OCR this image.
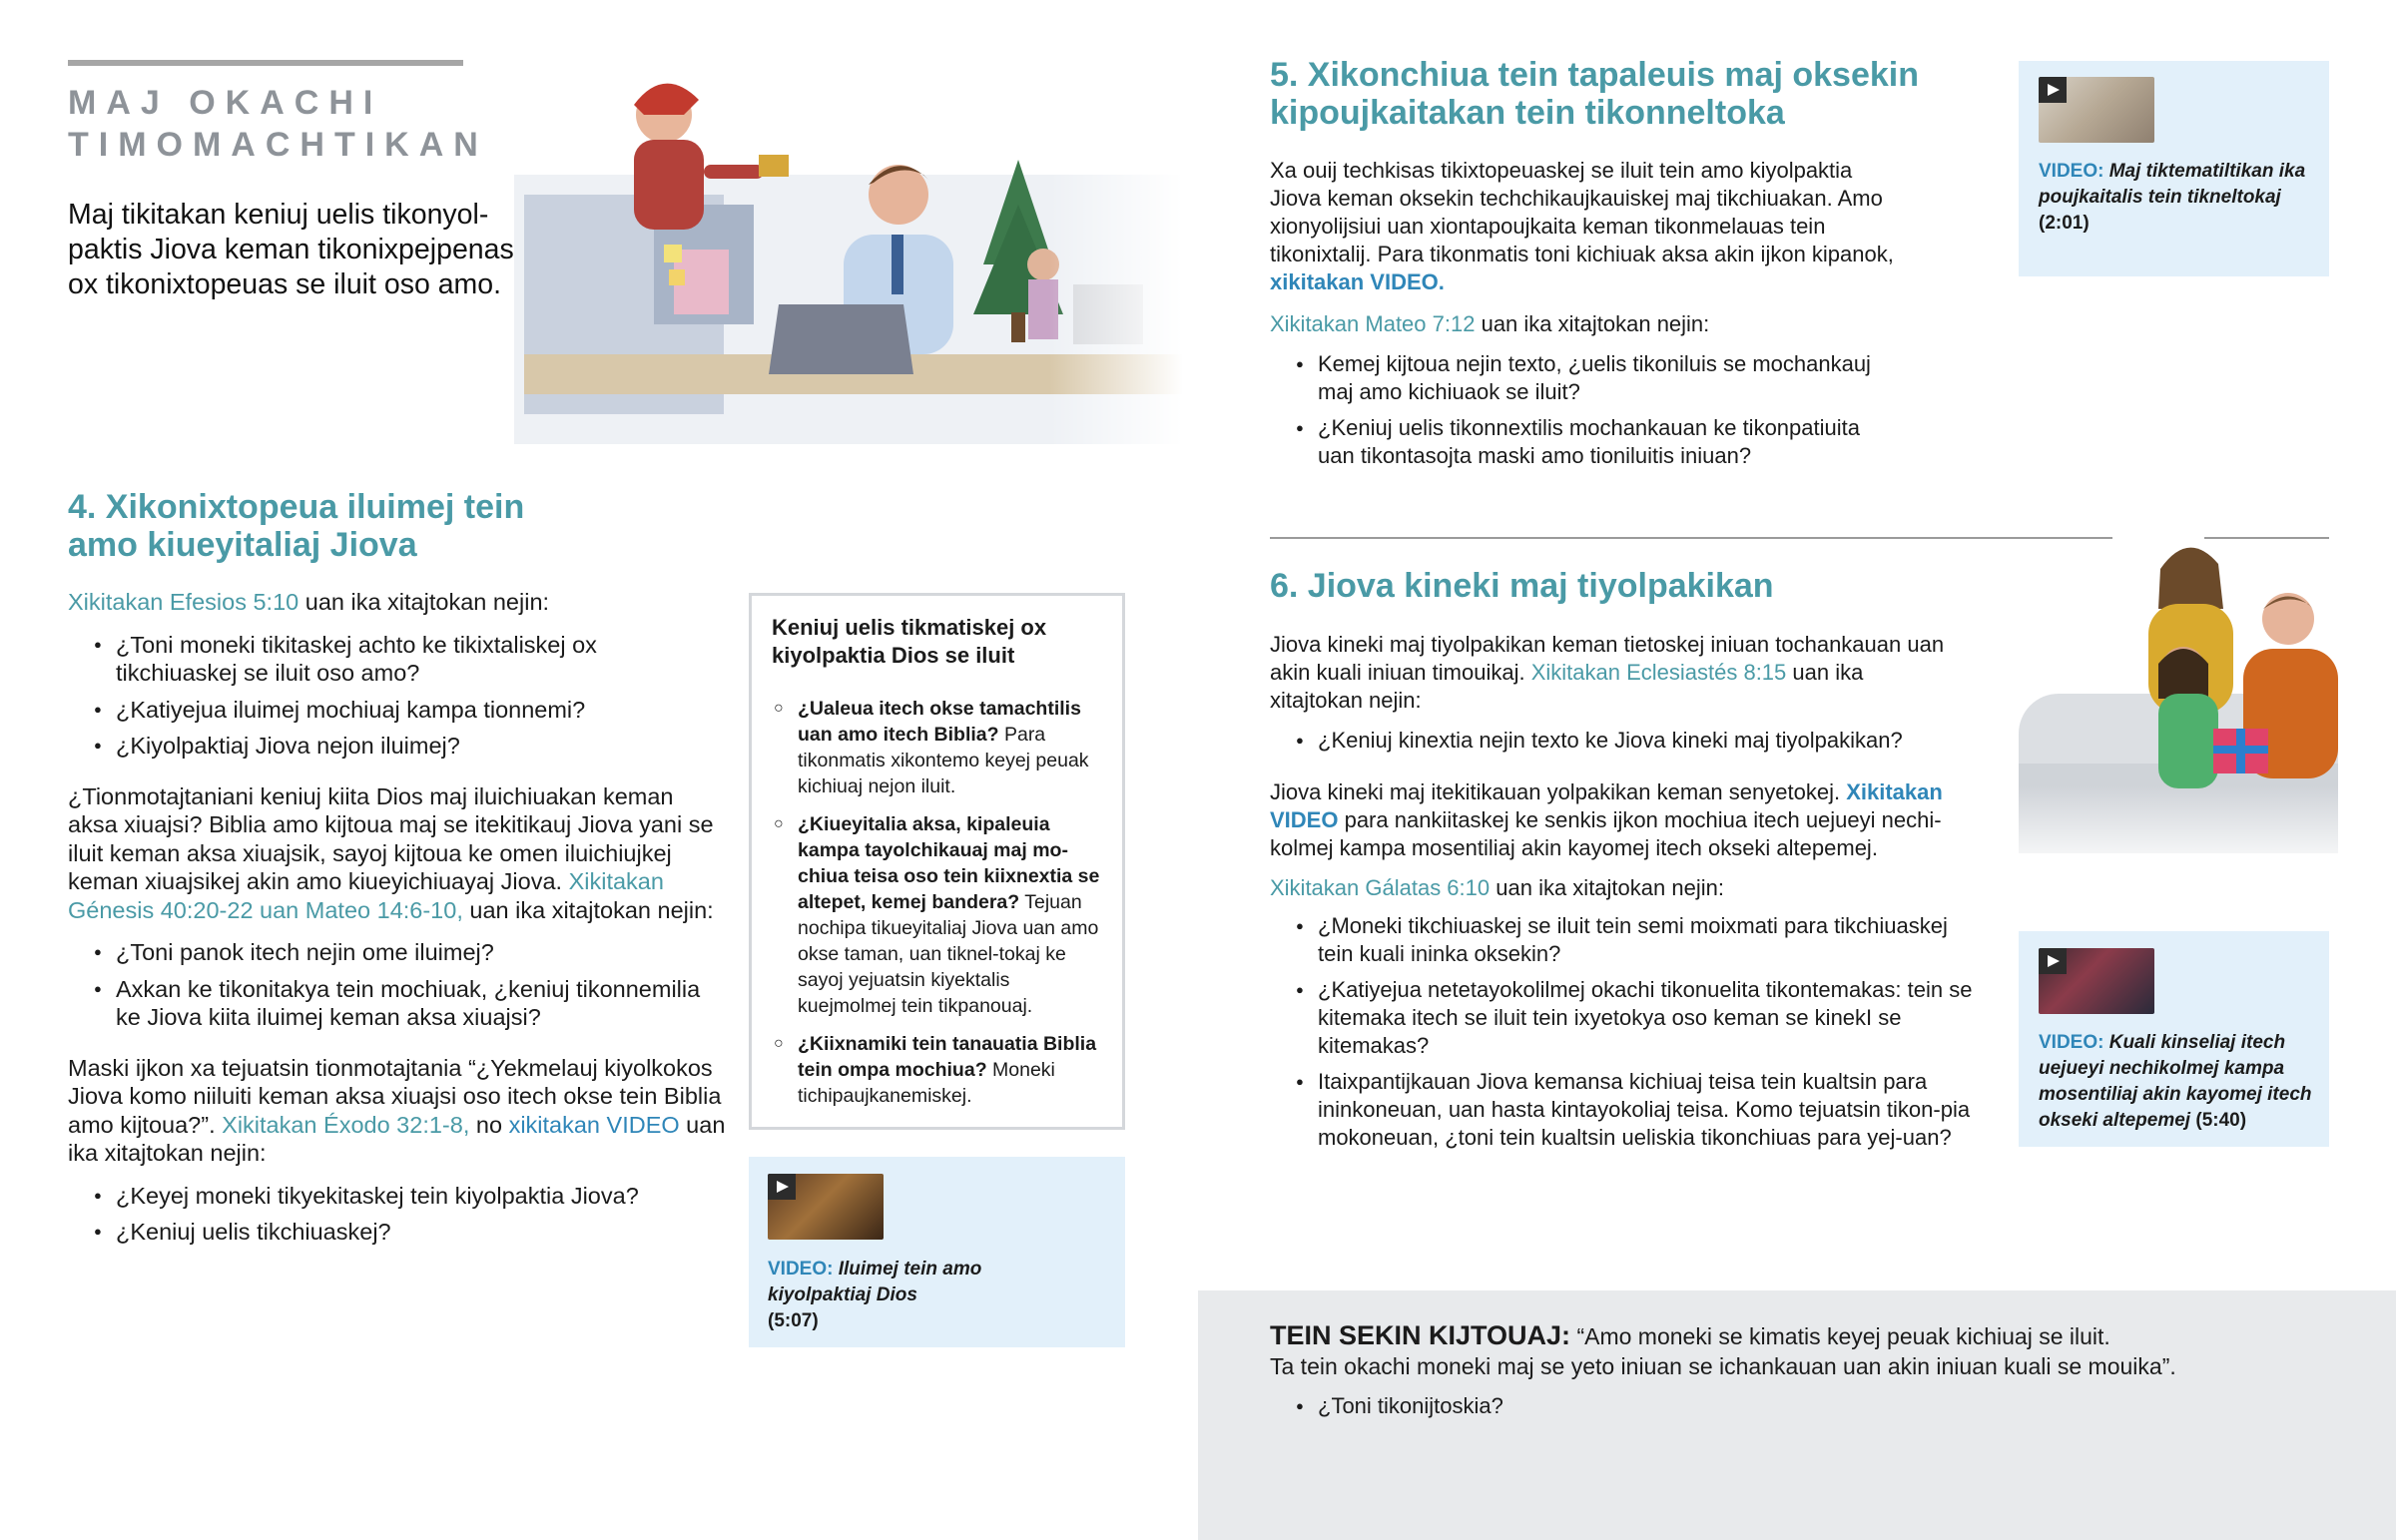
MAJ OKACHI
TIMOMACHTIKAN
Maj tikitakan keniuj uelis tikonyol-paktis Jiova keman tikonixpejpenas ox tikonixtopeuas se iluit oso amo.
4. Xikonixtopeua iluimej tein
amo kiueyitaliaj Jiova

Xikitakan Efesios 5:10 uan ika xitajtokan nejin:

● ¿Toni moneki tikitaskej achto ke tikixtaliskej ox tikchiuaskej se iluit oso amo?
● ¿Katiyejua iluimej mochiuaj kampa tionnemi?
● ¿Kiyolpaktiaj Jiova nejon iluimej?

¿Tionmotajtaniani keniuj kiita Dios maj iluichiuakan keman aksa xiuajsi? Biblia amo kijtoua maj se itekitikauj Jiova yani se iluit keman aksa xiuajsik, sayoj kijtoua ke omen iluichiujkej keman xiuajsikej akin amo kiueyichiuayaj Jiova. Xikitakan Génesis 40:20-22 uan Mateo 14:6-10, uan ika xitajtokan nejin:

● ¿Toni panok itech nejin ome iluimej?
● Axkan ke tikonitakya tein mochiuak, ¿keniuj tikonnemilia ke Jiova kiita iluimej keman aksa xiuajsi?

Maski ijkon xa tejuatsin tionmotajtania “¿Yekmelauj kiyolkokos Jiova komo niiluiti keman aksa xiuajsi oso itech okse tein Biblia amo kijtoua?”. Xikitakan Éxodo 32:1-8, no xikitakan VIDEO uan ika xitajtokan nejin:

● ¿Keyej moneki tikyekitaskej tein kiyolpaktia Jiova?
● ¿Keniuj uelis tikchiuaskej?
Keniuj uelis tikmatiskej ox kiyolpaktia Dios se iluit
○ ¿Ualeua itech okse tamachtilis uan amo itech Biblia? Para tikonmatis xikontemo keyej peuak kichiuaj nejon iluit.
○ ¿Kiueyitalia aksa, kipaleuia kampa tayolchikauaj maj mo-chiua teisa oso tein kiixnextia se altepet, kemej bandera? Tejuan nochipa tikueyitaliaj Jiova uan amo okse taman, uan tiknel-tokaj ke sayoj yejuatsin kiyektalis kuejmolmej tein tikpanouaj.
○ ¿Kiixnamiki tein tanauatia Biblia tein ompa mochiua? Moneki tichipaujkanemiskej.
VIDEO: Iluimej tein amo kiyolpaktiaj Dios
(5:07)
5. Xikonchiua tein tapaleuis maj oksekin
kipoujkaitakan tein tikonneltoka

Xa ouij techkisas tikixtopeuaskej se iluit tein amo kiyolpaktia Jiova keman oksekin techchikaujkauiskej maj tikchiuakan. Amo xionyolijsiui uan xiontapoujkaita keman tikonmelauas tein tikonixtalij. Para tikonmatis toni kichiuak aksa akin ijkon kipanok, xikitakan VIDEO.

Xikitakan Mateo 7:12 uan ika xitajtokan nejin:

● Kemej kijtoua nejin texto, ¿uelis tikoniluis se mochankauj maj amo kichiuaok se iluit?
● ¿Keniuj uelis tikonnextilis mochankauan ke tikonpatiuita uan tikontasojta maski amo tioniluitis iniuan?
VIDEO: Maj tiktematiltikan ika poujkaitalis tein tikneltokaj (2:01)
6. Jiova kineki maj tiyolpakikan

Jiova kineki maj tiyolpakikan keman tietoskej iniuan tochankauan uan akin kuali iniuan timouikaj. Xikitakan Eclesiastés 8:15 uan ika xitajtokan nejin:

● ¿Keniuj kinextia nejin texto ke Jiova kineki maj tiyolpakikan?

Jiova kineki maj itekitikauan yolpakikan keman senyetokej. Xikitakan VIDEO para nankiitaskej ke senkis ijkon mochiua itech uejueyi nechi-kolmej kampa mosentiliaj akin kayomej itech okseki altepemej.

Xikitakan Gálatas 6:10 uan ika xitajtokan nejin:

● ¿Moneki tikchiuaskej se iluit tein semi moixmati para tikchiuaskej tein kuali ininka oksekin?
● ¿Katiyejua netetayokolilmej okachi tikonuelita tikontemakas: tein se kitemaka itech se iluit tein ixyetokya oso keman se kinekI se kitemakas?
● Itaixpantijkauan Jiova kemansa kichiuaj teisa tein kualtsin para ininkoneuan, uan hasta kintayokoliaj teisa. Komo tejuatsin tikon-pia mokoneuan, ¿toni tein kualtsin ueliskia tikonchiuas para yej-uan?
VIDEO: Kuali kinseliaj itech uejueyi nechikolmej kampa mosentiliaj akin kayomej itech okseki altepemej (5:40)
TEIN SEKIN KIJTOUAJ: “Amo moneki se kimatis keyej peuak kichiuaj se iluit.
Ta tein okachi moneki maj se yeto iniuan se ichankauan uan akin iniuan kuali se mouika”.
● ¿Toni tikonijtoskia?
